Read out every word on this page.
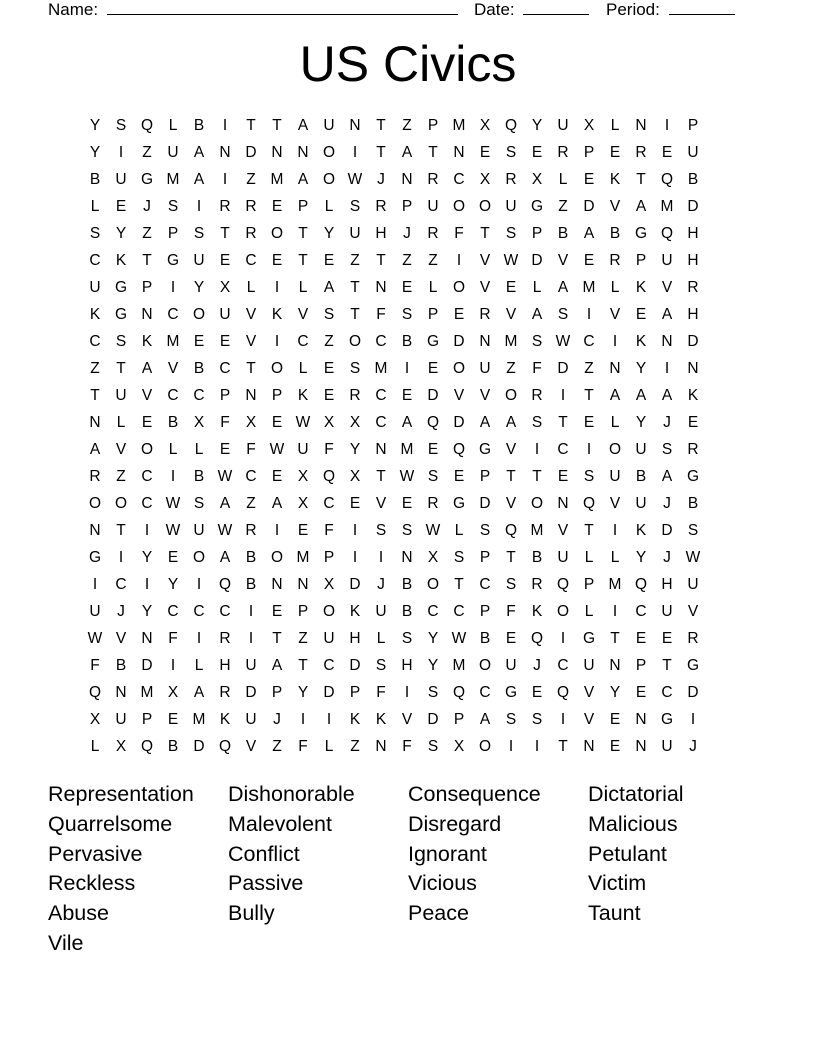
Name:	Date:	Period:
US Civics
Y	S Q	L	B	I	T	T	A U N	T	Z	P M X Q Y U X	L	N	I	P
Y	I	Z	U A N D N N O	I	T	A	T	N E	S	E R P	E R E U
B U G M A	I	Z M A O W J	N R C X R X	L	E	K	T Q B
L	E	J	S	I	R R E	P	L	S R P U O O U G Z	D V	A M D
S	Y	Z	P	S	T	R O T	Y U H	J	R	F	T	S	P	B	A	B G Q H
C K	T G U E C E	T	E	Z	T	Z	Z	I	V W D V	E R P U H
U G P	I	Y	X	L	I	L	A	T	N E	L	O V	E	L	A M L	K	V R
K G N C O U V	K	V	S	T	F	S	P	E R V	A	S	I	V	E	A H
C S	K M E	E	V	I	C	Z O C B G D N M S W C	I	K N D
Z	T	A	V	B C	T O	L	E	S M	I	E O U	Z	F	D	Z	N Y	I	N
T	U V C C P N P	K	E R C E D V	V O R	I	T	A	A	A	K
N	L	E	B	X	F	X	E W X	X C A Q D A	A	S	T	E	L	Y	J	E
A	V O	L	L	E	F W U	F	Y N M E Q G V	I	C	I	O U S R
R	Z	C	I	B W C E	X Q X	T W S	E	P	T	T	E	S U B	A G
O O C W S	A	Z	A	X C E	V	E R G D V O N Q V U	J	B
N	T	I	W U W R	I	E	F	I	S	S W L	S Q M V	T	I	K D S
G	I	Y	E O A	B O M P	I	I	N X	S	P	T	B U	L	L	Y	J W
I	C	I	Y	I	Q B N N X D	J	B O T	C S R Q P M Q H U
U	J	Y C C C	I	E	P O K U B C C P	F	K O	L	I	C U V
W V N	F	I	R	I	T	Z	U H	L	S	Y W B	E Q	I	G T	E	E R
F	B D	I	L	H U A	T	C D S H Y M O U	J	C U N P	T G
Q N M X	A R D P	Y D P	F	I	S Q C G E Q V	Y	E C D
X U P	E M K U	J	I	I	K	K	V D P	A	S	S	I	V	E N G	I
L	X Q B D Q V	Z	F	L	Z	N	F	S	X O	I	I	T	N E N U	J
Representation	Dishonorable	Consequence	Dictatorial
Quarrelsome	Malevolent	Disregard	Malicious
Pervasive	Conflict	Ignorant	Petulant
Reckless	Passive	Vicious	Victim
Abuse	Bully	Peace	Taunt
Vile
